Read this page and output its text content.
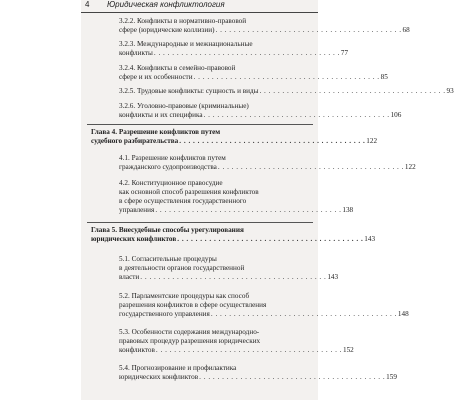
4 Юридическая конфликтология
3.2.2. Конфликты в нормативно-правовой
сфере (юридические коллизии) . . . . . . . . . . . . . . . . . . . . . . . . . . . . . . . . . . . . . . . . . 68
3.2.3. Международные и межнациональные
конфликты . . . . . . . . . . . . . . . . . . . . . . . . . . . . . . . . . . . . . . . . . 77
3.2.4. Конфликты в семейно-правовой
сфере и их особенности . . . . . . . . . . . . . . . . . . . . . . . . . . . . . . . . . . . . . . . . . 85
3.2.5. Трудовые конфликты: сущность и виды . . . . . . . . . . . . . . . . . . . . . . . . . . . . . . . . . . . . . . . . . 93
3.2.6. Уголовно-правовые (криминальные)
конфликты и их специфика . . . . . . . . . . . . . . . . . . . . . . . . . . . . . . . . . . . . . . . . . 106
Глава 4. Разрешение конфликтов путем
судебного разбирательства . . . . . . . . . . . . . . . . . . . . . . . . . . . . . . . . . . . . . . . . . 122
4.1. Разрешение конфликтов путем
гражданского судопроизводства . . . . . . . . . . . . . . . . . . . . . . . . . . . . . . . . . . . . . . . . . 122
4.2. Конституционное правосудие
как основной способ разрешения конфликтов
в сфере осуществления государственного
управления . . . . . . . . . . . . . . . . . . . . . . . . . . . . . . . . . . . . . . . . . 138
Глава 5. Внесудебные способы урегулирования
юридических конфликтов . . . . . . . . . . . . . . . . . . . . . . . . . . . . . . . . . . . . . . . . . 143
5.1. Согласительные процедуры
в деятельности органов государственной
власти . . . . . . . . . . . . . . . . . . . . . . . . . . . . . . . . . . . . . . . . . 143
5.2. Парламентские процедуры как способ
разрешения конфликтов в сфере осуществления
государственного управления . . . . . . . . . . . . . . . . . . . . . . . . . . . . . . . . . . . . . . . . . 148
5.3. Особенности содержания международно-
правовых процедур разрешения юридических
конфликтов . . . . . . . . . . . . . . . . . . . . . . . . . . . . . . . . . . . . . . . . . 152
5.4. Прогнозирование и профилактика
юридических конфликтов . . . . . . . . . . . . . . . . . . . . . . . . . . . . . . . . . . . . . . . . . 159
